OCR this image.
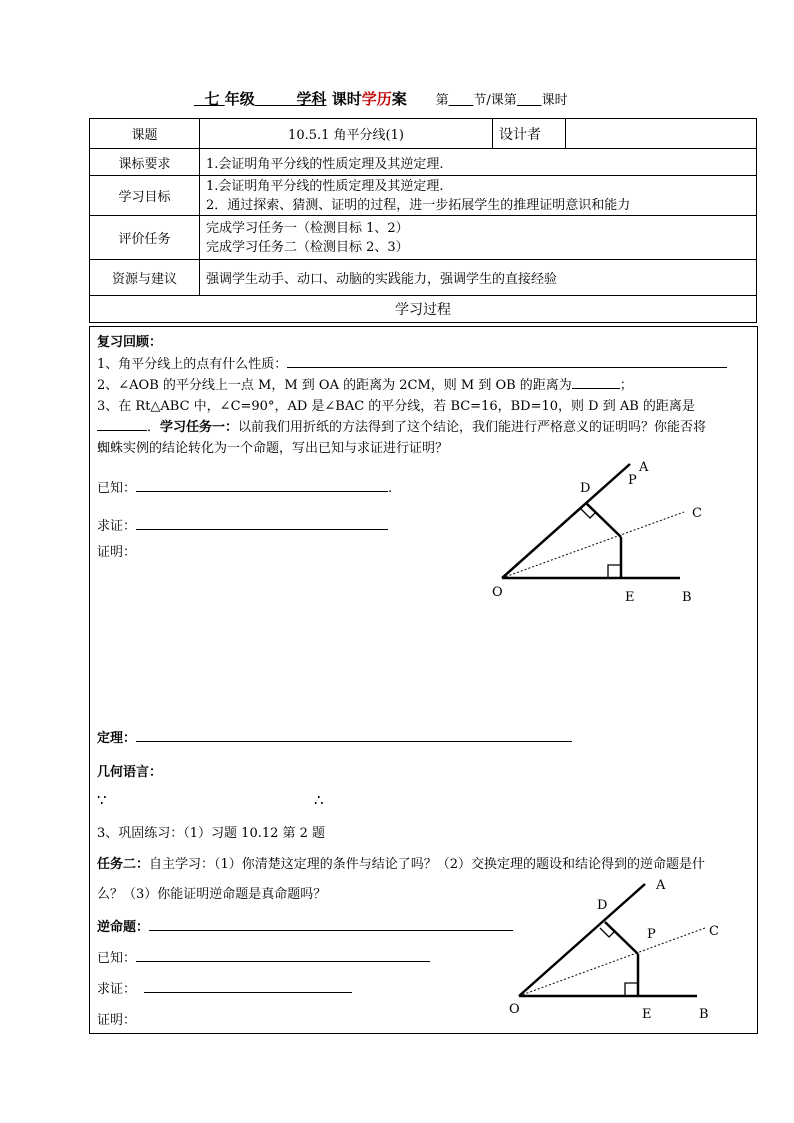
七 年级	学科 课时学历案 第 节/课第 课时
课题	10.5.1 角平分线(1)	设计者	
课标要求	1.会证明角平分线的性质定理及其逆定理.		
学习目标	1.会证明角平分线的性质定理及其逆定理.
2．通过探索、猜测、证明的过程，进一步拓展学生的推理证明意识和能力		

评价任务	完成学习任务一（检测目标 1、2）
完成学习任务二（检测目标 2、3）		

资源与建议	强调学生动手、动口、动脑的实践能力，强调学生的直接经验		
学习过程			
复习回顾：
1、角平分线上的点有什么性质：
2、∠AOB 的平分线上一点 M，M 到 OA 的距离为 2CM，则 M 到 OB 的距离为	；
3、在 Rt△ABC 中，∠C=90°，AD 是∠BAC 的平分线，若 BC=16，BD=10，则 D 到 AB 的距离是
．学习任务一：以前我们用折纸的方法得到了这个结论，我们能进行严格意义的证明吗？你能否将
蜘蛛实例的结论转化为一个命题，写出已知与求证进行证明？
已知：	.
求证：
证明：
定理：
几何语言：
∵	∴
3、巩固练习：（1）习题 10.12 第 2 题
任务二：自主学习：（1）你清楚这定理的条件与结论了吗？（2）交换定理的题设和结论得到的逆命题是什
么？（3）你能证明逆命题是真命题吗？
逆命题：
已知：
求证：
证明：
A
P
D
C
O	E	B
A
P
D
C
O	E	B
